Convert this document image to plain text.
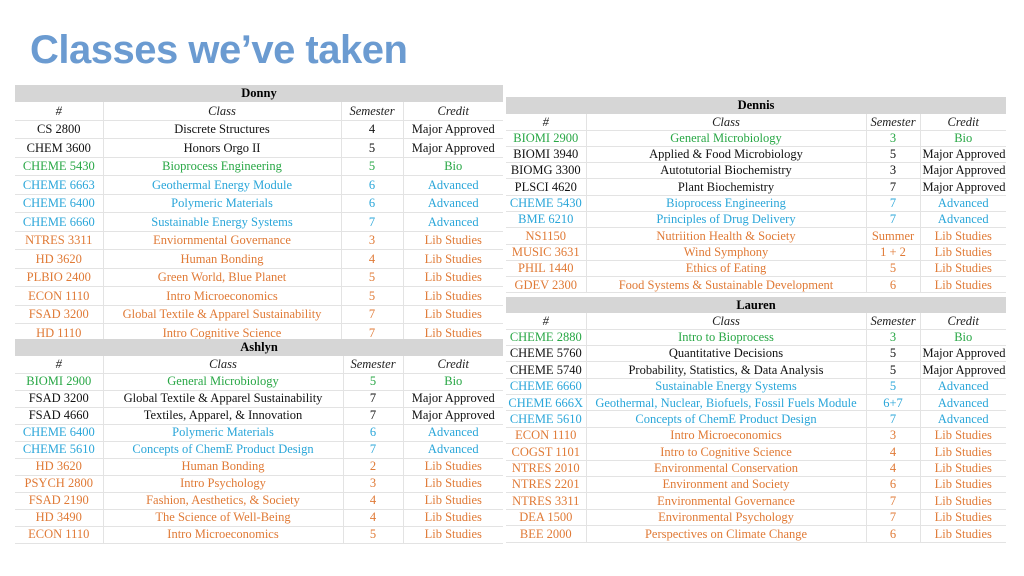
Classes we’ve taken
Donny			
#	Class	Semester	Credit
CS 2800	Discrete Structures	4	Major Approved
CHEM 3600	Honors Orgo II	5	Major Approved
CHEME 5430	Bioprocess Engineering	5	Bio
CHEME 6663	Geothermal Energy Module	6	Advanced
CHEME 6400	Polymeric Materials	6	Advanced
CHEME 6660	Sustainable Energy Systems	7	Advanced
NTRES 3311	Enviornmental Governance	3	Lib Studies
HD 3620	Human Bonding	4	Lib Studies
PLBIO 2400	Green World, Blue Planet	5	Lib Studies
ECON 1110	Intro Microeconomics	5	Lib Studies
FSAD 3200	Global Textile & Apparel Sustainability	7	Lib Studies
HD 1110	Intro Cognitive Science	7	Lib Studies
Ashlyn			
#	Class	Semester	Credit
BIOMI 2900	General Microbiology	5	Bio
FSAD 3200	Global Textile & Apparel Sustainability	7	Major Approved
FSAD 4660	Textiles, Apparel, & Innovation	7	Major Approved
CHEME 6400	Polymeric Materials	6	Advanced
CHEME 5610	Concepts of ChemE Product Design	7	Advanced
HD 3620	Human Bonding	2	Lib Studies
PSYCH 2800	Intro Psychology	3	Lib Studies
FSAD 2190	Fashion, Aesthetics, & Society	4	Lib Studies
HD 3490	The Science of Well-Being	4	Lib Studies
ECON 1110	Intro Microeconomics	5	Lib Studies
Dennis			
#	Class	Semester	Credit
BIOMI 2900	General Microbiology	3	Bio
BIOMI 3940	Applied & Food Microbiology	5	Major Approved
BIOMG 3300	Autotutorial Biochemistry	3	Major Approved
PLSCI 4620	Plant Biochemistry	7	Major Approved
CHEME 5430	Bioprocess Engineering	7	Advanced
BME 6210	Principles of Drug Delivery	7	Advanced
NS1150	Nutriition Health & Society	Summer	Lib Studies
MUSIC 3631	Wind Symphony	1 + 2	Lib Studies
PHIL 1440	Ethics of Eating	5	Lib Studies
GDEV 2300	Food Systems & Sustainable Development	6	Lib Studies
Lauren			
#	Class	Semester	Credit
CHEME 2880	Intro to Bioprocess	3	Bio
CHEME 5760	Quantitative Decisions	5	Major Approved
CHEME 5740	Probability, Statistics, & Data Analysis	5	Major Approved
CHEME 6660	Sustainable Energy Systems	5	Advanced
CHEME 666X	Geothermal, Nuclear, Biofuels, Fossil Fuels Module	6+7	Advanced
CHEME 5610	Concepts of ChemE Product Design	7	Advanced
ECON 1110	Intro Microeconomics	3	Lib Studies
COGST 1101	Intro to Cognitive Science	4	Lib Studies
NTRES 2010	Environmental Conservation	4	Lib Studies
NTRES 2201	Environment and Society	6	Lib Studies
NTRES 3311	Environmental Governance	7	Lib Studies
DEA 1500	Environmental Psychology	7	Lib Studies
BEE 2000	Perspectives on Climate Change	6	Lib Studies
